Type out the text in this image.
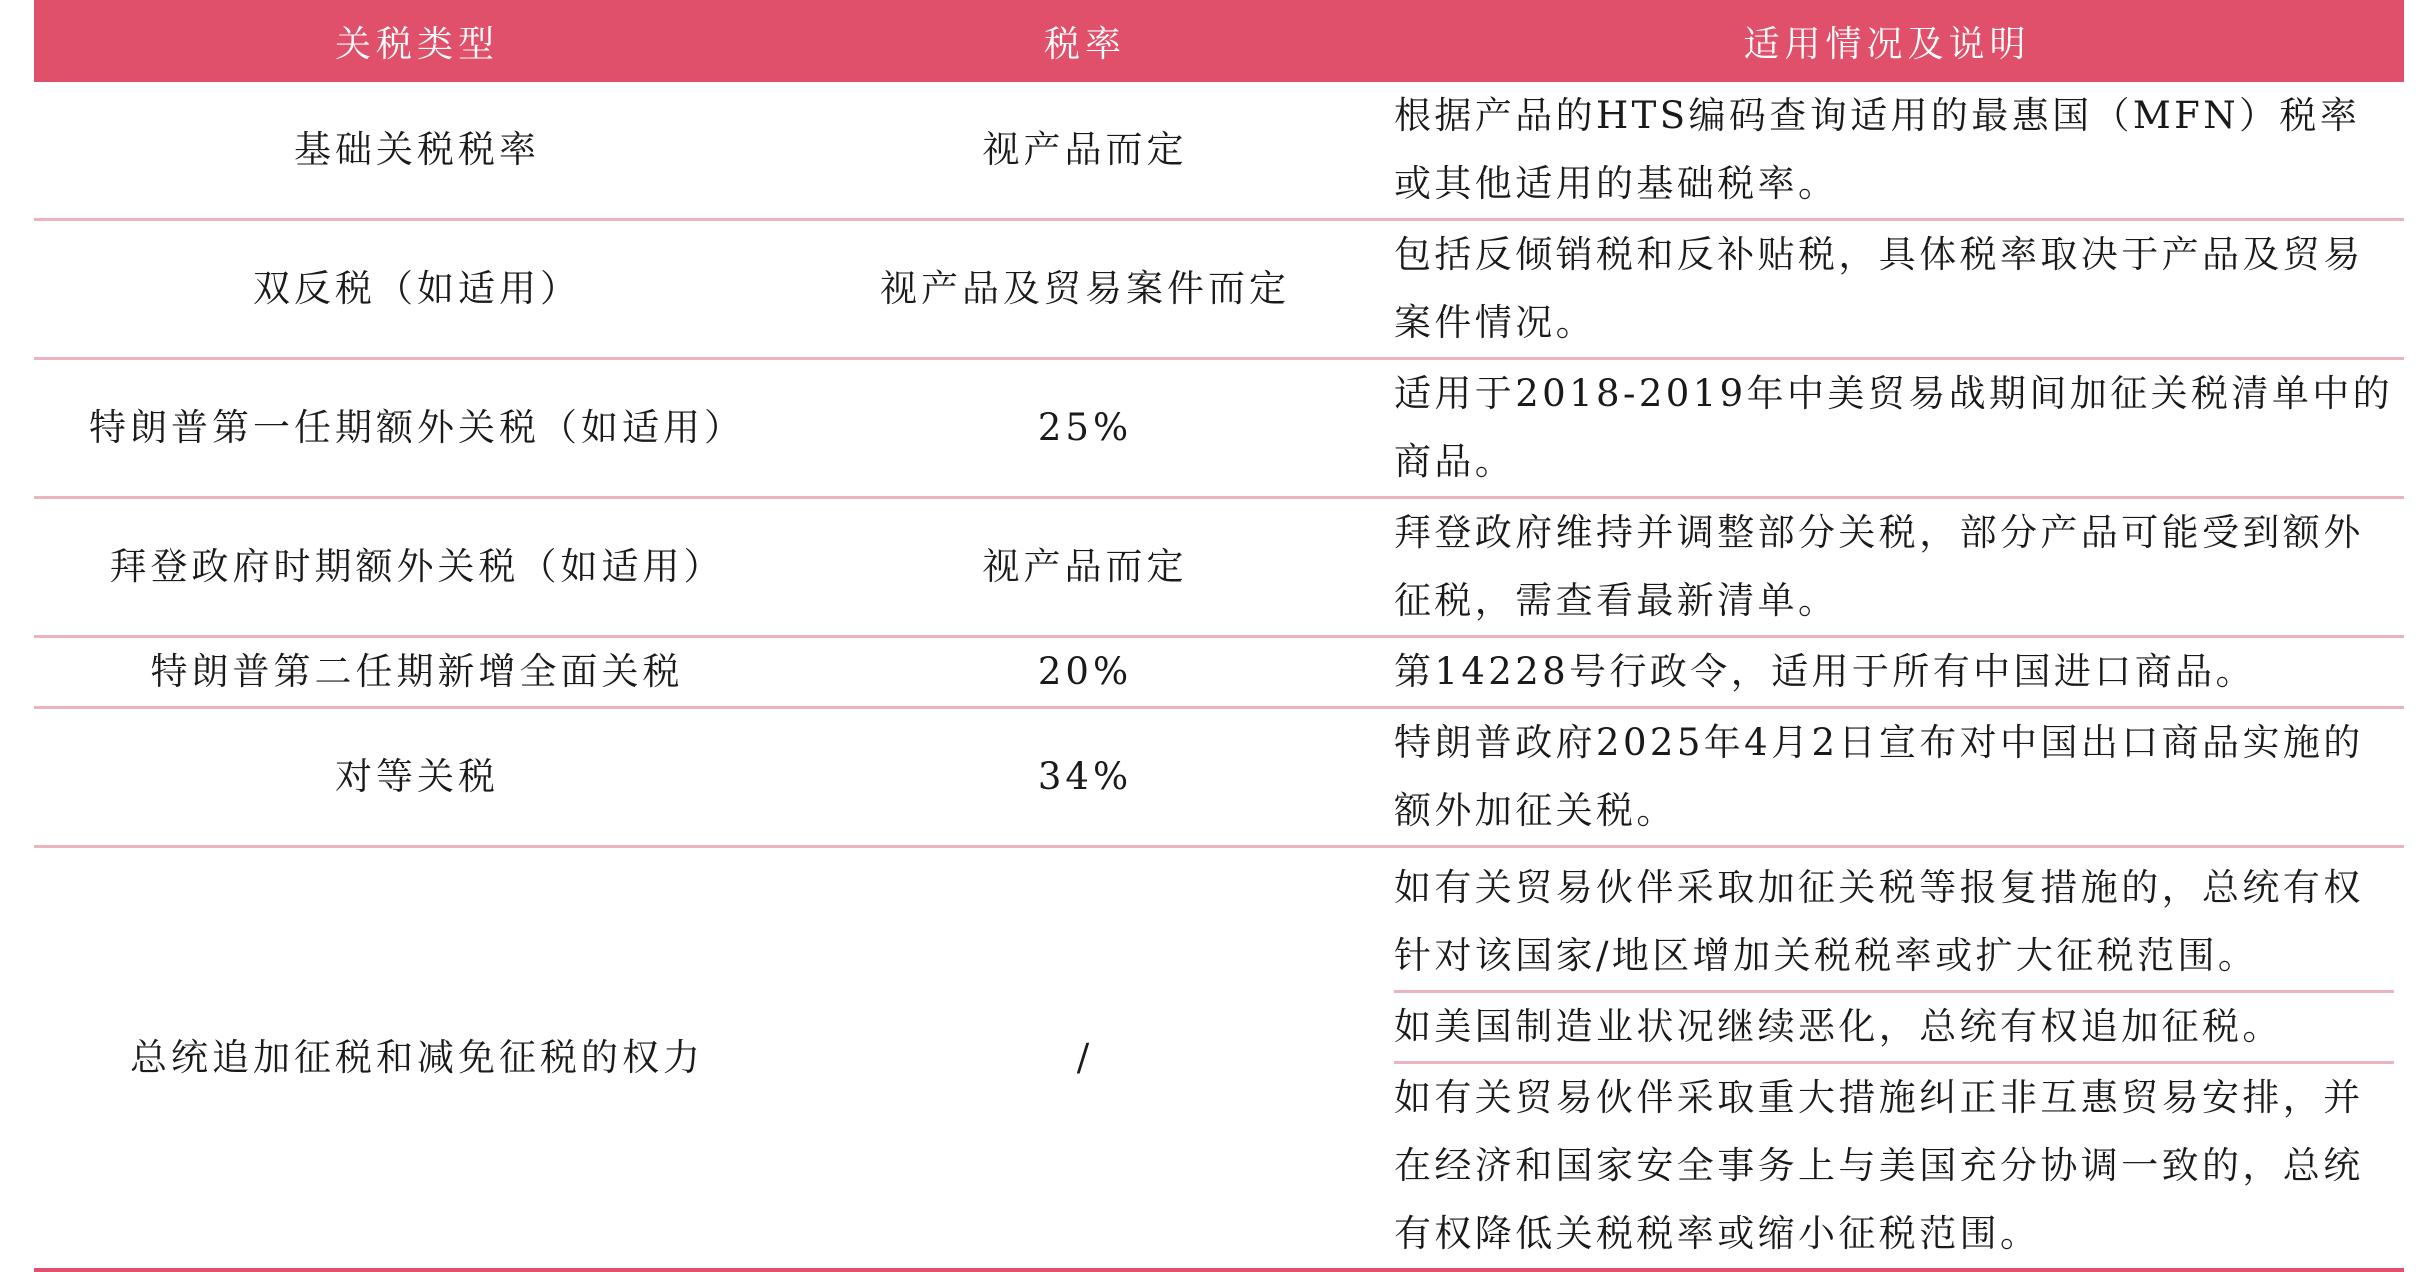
关税类型	税率	适用情况及说明
基础关税税率	视产品而定	根据产品的HTS编码查询适用的最惠国（MFN）税率或其他适用的基础税率。
双反税（如适用）	视产品及贸易案件而定	包括反倾销税和反补贴税，具体税率取决于产品及贸易案件情况。
特朗普第一任期额外关税（如适用）	25%	适用于2018-2019年中美贸易战期间加征关税清单中的商品。
拜登政府时期额外关税（如适用）	视产品而定	拜登政府维持并调整部分关税，部分产品可能受到额外征税，需查看最新清单。
特朗普第二任期新增全面关税	20%	第14228号行政令，适用于所有中国进口商品。
对等关税	34%	特朗普政府2025年4月2日宣布对中国出口商品实施的额外加征关税。
总统追加征税和减免征税的权力	/	如有关贸易伙伴采取加征关税等报复措施的，总统有权针对该国家/地区增加关税税率或扩大征税范围。
如美国制造业状况继续恶化，总统有权追加征税。
如有关贸易伙伴采取重大措施纠正非互惠贸易安排，并在经济和国家安全事务上与美国充分协调一致的，总统有权降低关税税率或缩小征税范围。
